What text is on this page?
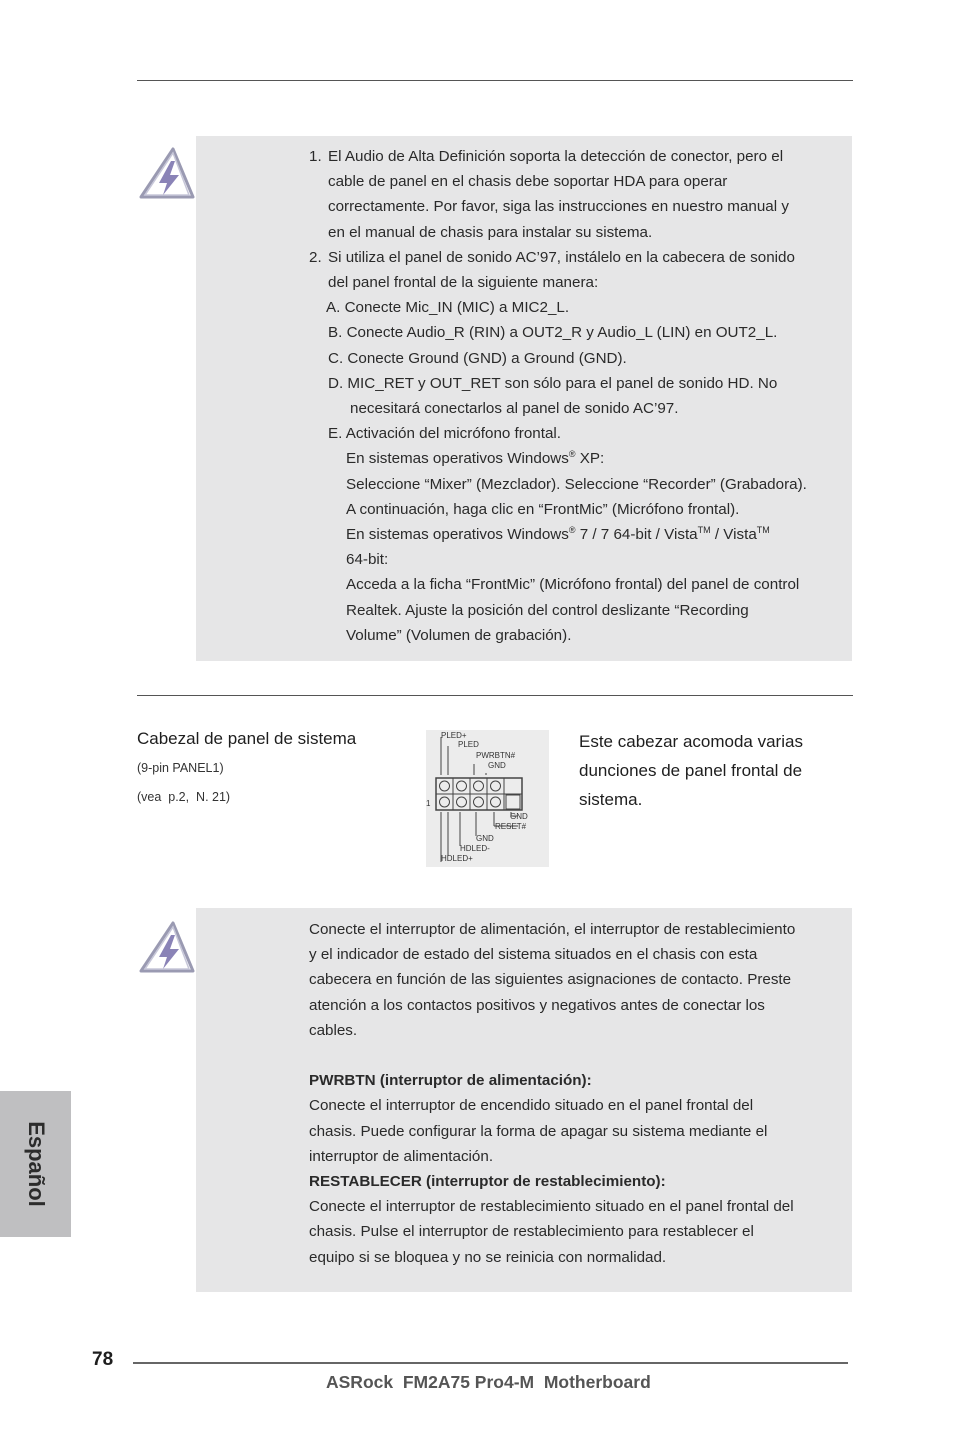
1. El Audio de Alta Definición soporta la detección de conector, pero el

cable de panel en el chasis debe soportar HDA para operar

correctamente. Por favor, siga las instrucciones en nuestro manual y

en el manual de chasis para instalar su sistema.

2. Si utiliza el panel de sonido AC’97, instálelo en la cabecera de sonido

del panel frontal de la siguiente manera:

A. Conecte Mic_IN (MIC) a MIC2_L.

B. Conecte Audio_R (RIN) a OUT2_R y Audio_L (LIN) en OUT2_L.

C. Conecte Ground (GND) a Ground (GND).

D. MIC_RET y OUT_RET son sólo para el panel de sonido HD. No

necesitará conectarlos al panel de sonido AC’97.

E. Activación del micrófono frontal.

En sistemas operativos Windows® XP:

Seleccione “Mixer” (Mezclador). Seleccione “Recorder” (Grabadora).

A continuación, haga clic en “FrontMic” (Micrófono frontal).

En sistemas operativos Windows® 7 / 7 64-bit / Vista™ / Vista™

64-bit:

Acceda a la ficha “FrontMic” (Micrófono frontal) del panel de control

Realtek. Ajuste la posición del control deslizante “Recording

Volume” (Volumen de grabación).

Cabezal de panel de sistema
(9-pin PANEL1)
(vea  p.2,  N. 21)
PLED+
PLED
PWRBTN#
GND
1
GND
RESET#
GND
HDLED-
HDLED+
Este cabezar acomoda varias
dunciones de panel frontal de
sistema.

Conecte el interruptor de alimentación, el interruptor de restablecimiento

y el indicador de estado del sistema situados en el chasis con esta

cabecera en función de las siguientes asignaciones de contacto. Preste

atención a los contactos positivos y negativos antes de conectar los

cables.

PWRBTN (interruptor de alimentación):

Conecte el interruptor de encendido situado en el panel frontal del

chasis. Puede configurar la forma de apagar su sistema mediante el

interruptor de alimentación.

RESTABLECER (interruptor de restablecimiento):

Conecte el interruptor de restablecimiento situado en el panel frontal del

chasis. Pulse el interruptor de restablecimiento para restablecer el

equipo si se bloquea y no se reinicia con normalidad.

Español
78
ASRock  FM2A75 Pro4-M  Motherboard
